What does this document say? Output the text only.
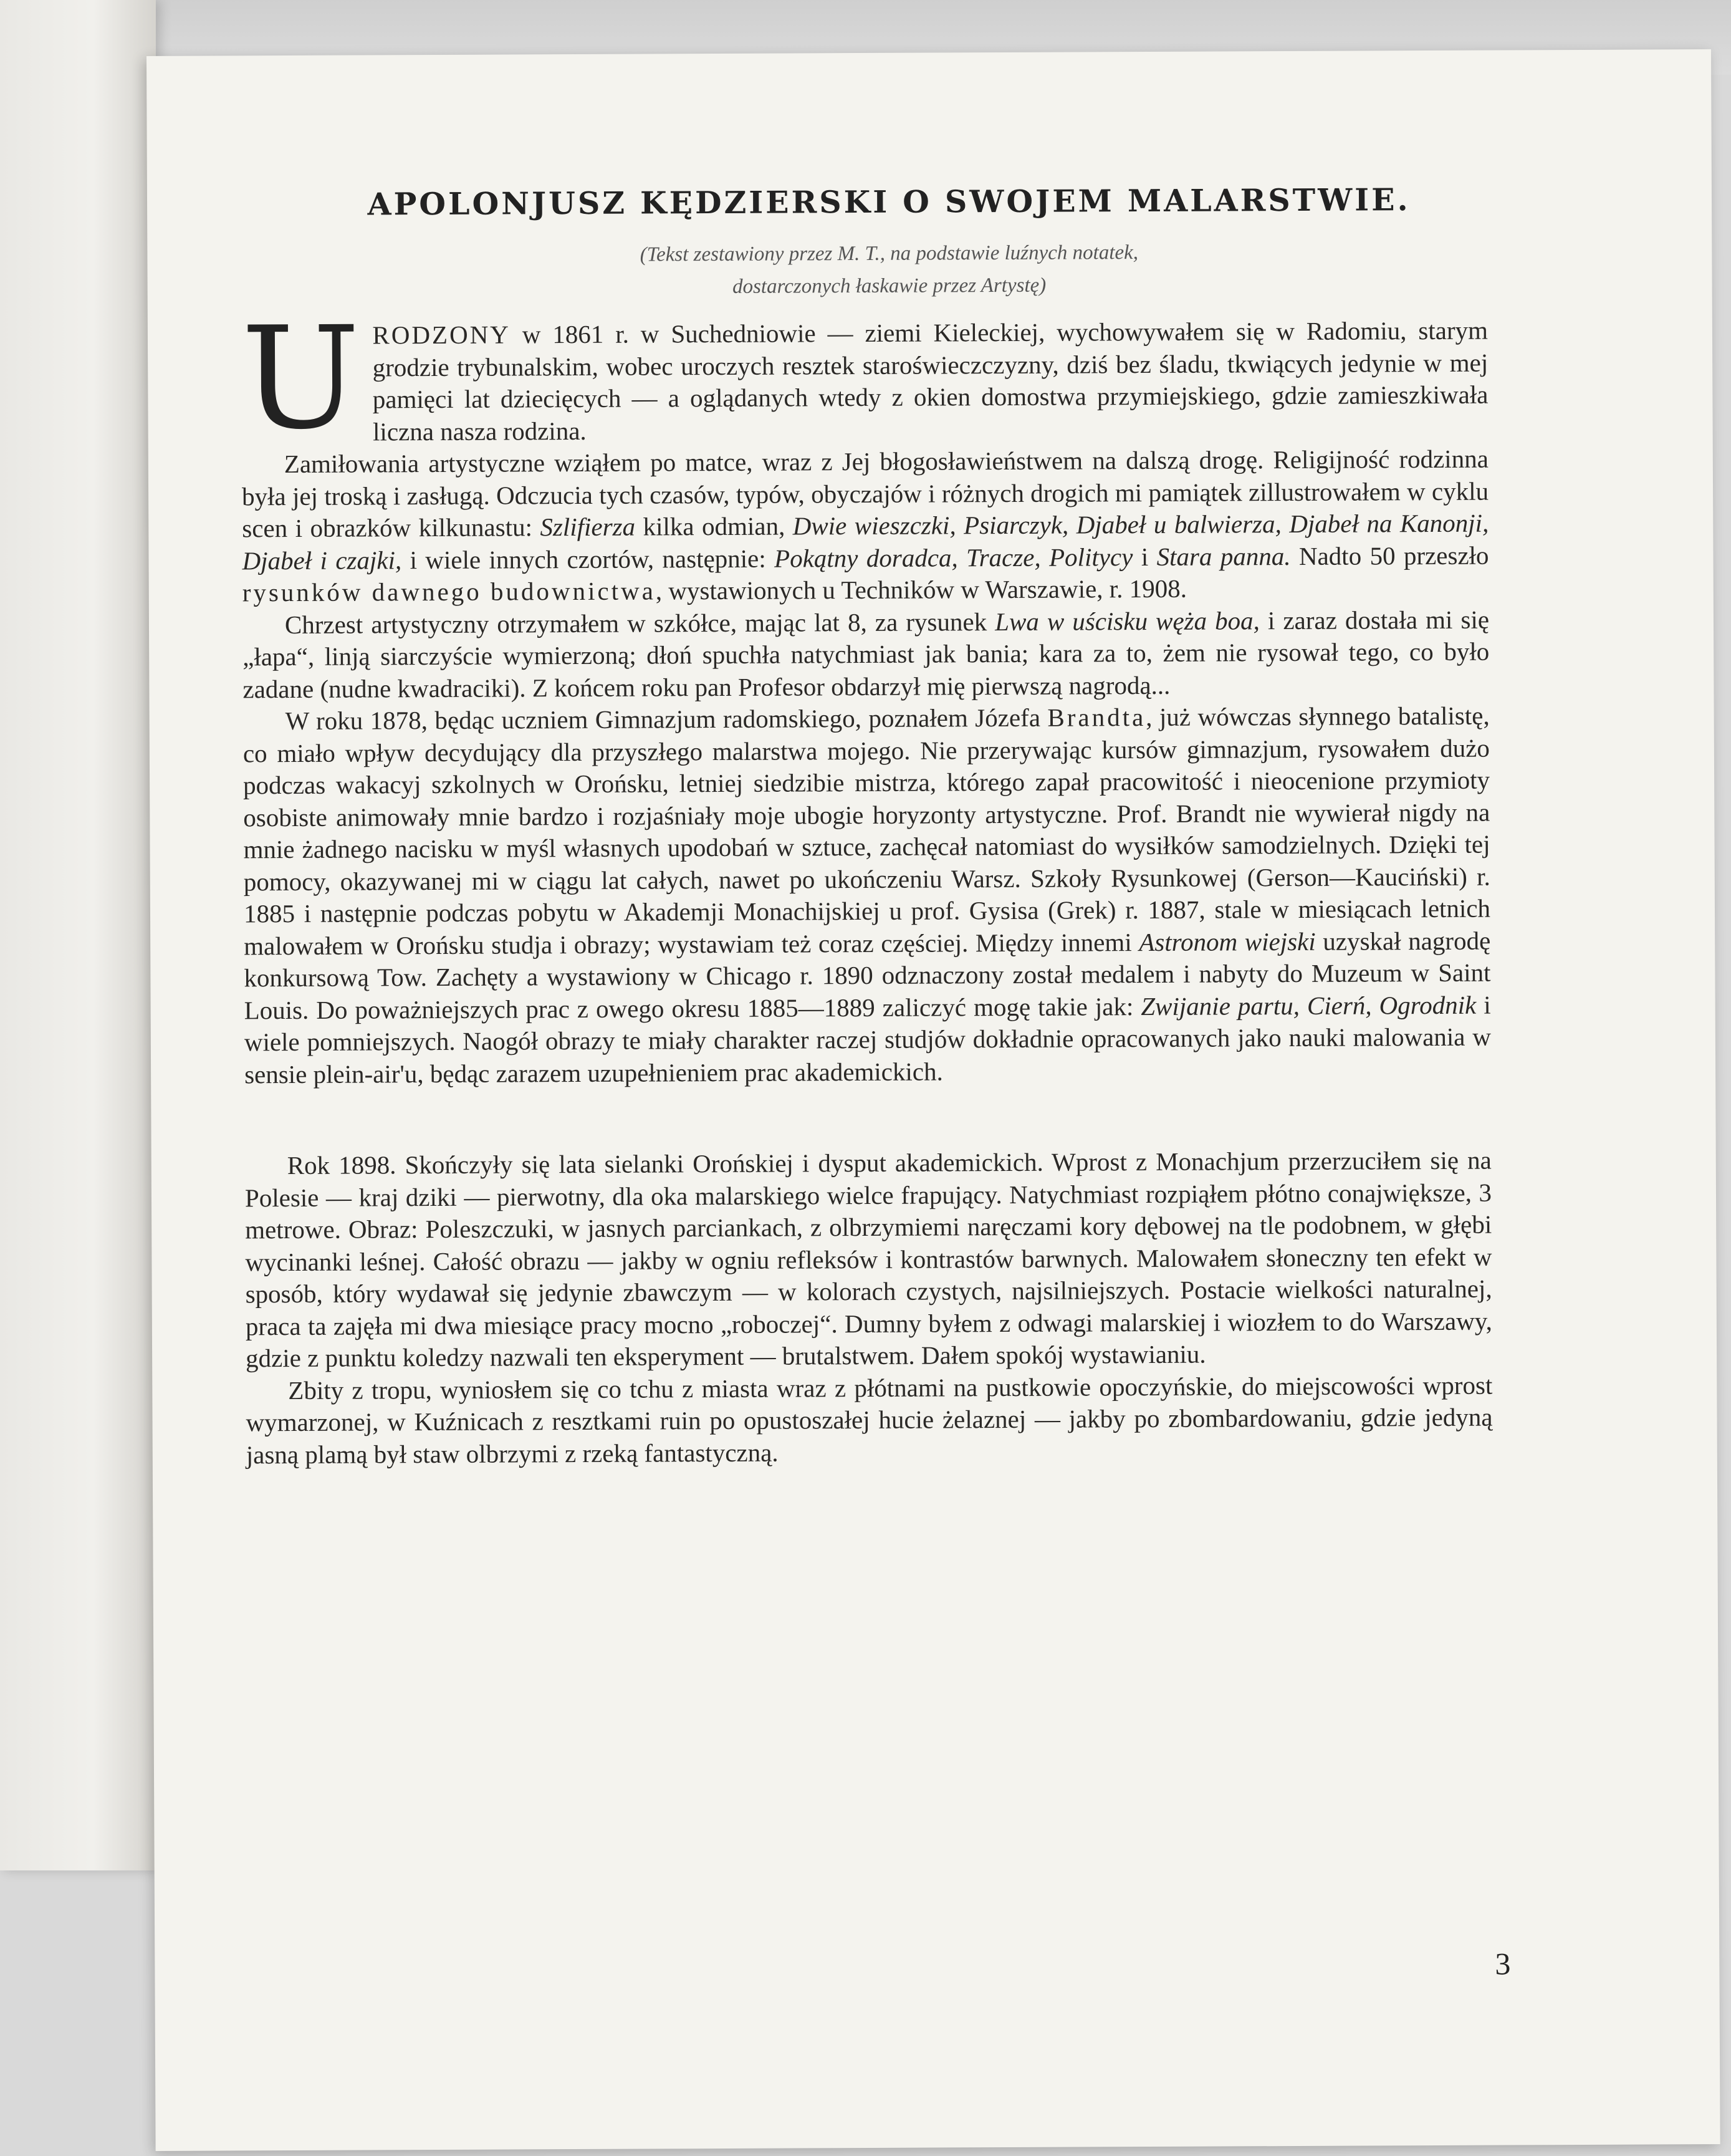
APOLONJUSZ KĘDZIERSKI O SWOJEM MALARSTWIE.
(Tekst zestawiony przez M. T., na podstawie luźnych notatek,
dostarczonych łaskawie przez Artystę)

URODZONY w 1861 r. w Suchedniowie — ziemi Kieleckiej, wychowywałem się w Radomiu, starym grodzie trybunalskim, wobec uroczych resztek staroświeczczyzny, dziś bez śladu, tkwiących jedynie w mej pamięci lat dziecięcych — a oglądanych wtedy z okien domostwa przymiejskiego, gdzie zamieszkiwała liczna nasza rodzina.

Zamiłowania artystyczne wziąłem po matce, wraz z Jej błogosławieństwem na dalszą drogę. Religijność rodzinna była jej troską i zasługą. Odczucia tych czasów, typów, obyczajów i różnych drogich mi pamiątek zillustrowałem w cyklu scen i obrazków kilkunastu: Szlifierza kilka odmian, Dwie wieszczki, Psiarczyk, Djabeł u balwierza, Djabeł na Kanonji, Djabeł i czajki, i wiele innych czortów, następnie: Pokątny doradca, Tracze, Politycy i Stara panna. Nadto 50 przeszło rysunków dawnego budownictwa, wystawionych u Techników w Warszawie, r. 1908.

Chrzest artystyczny otrzymałem w szkółce, mając lat 8, za rysunek Lwa w uścisku węża boa, i zaraz dostała mi się „łapa“, linją siarczyście wymierzoną; dłoń spuchła natychmiast jak bania; kara za to, żem nie rysował tego, co było zadane (nudne kwadraciki). Z końcem roku pan Profesor obdarzył mię pierwszą nagrodą...

W roku 1878, będąc uczniem Gimnazjum radomskiego, poznałem Józefa Brandta, już wówczas słynnego batalistę, co miało wpływ decydujący dla przyszłego malarstwa mojego. Nie przerywając kursów gimnazjum, rysowałem dużo podczas wakacyj szkolnych w Orońsku, letniej siedzibie mistrza, którego zapał pracowitość i nieocenione przymioty osobiste animowały mnie bardzo i rozjaśniały moje ubogie horyzonty artystyczne. Prof. Brandt nie wywierał nigdy na mnie żadnego nacisku w myśl własnych upodobań w sztuce, zachęcał natomiast do wysiłków samodzielnych. Dzięki tej pomocy, okazywanej mi w ciągu lat całych, nawet po ukończeniu Warsz. Szkoły Rysunkowej (Gerson—Kauciński) r. 1885 i następnie podczas pobytu w Akademji Monachijskiej u prof. Gysisa (Grek) r. 1887, stale w miesiącach letnich malowałem w Orońsku studja i obrazy; wystawiam też coraz częściej. Między innemi Astronom wiejski uzyskał nagrodę konkursową Tow. Zachęty a wystawiony w Chicago r. 1890 odznaczony został medalem i nabyty do Muzeum w Saint Louis. Do poważniejszych prac z owego okresu 1885—1889 zaliczyć mogę takie jak: Zwijanie partu, Cierń, Ogrodnik i wiele pomniejszych. Naogół obrazy te miały charakter raczej studjów dokładnie opracowanych jako nauki malowania w sensie plein-air'u, będąc zarazem uzupełnieniem prac akademickich.

Rok 1898. Skończyły się lata sielanki Orońskiej i dysput akademickich. Wprost z Monachjum przerzuciłem się na Polesie — kraj dziki — pierwotny, dla oka malarskiego wielce frapujący. Natychmiast rozpiąłem płótno conajwiększe, 3 metrowe. Obraz: Poleszczuki, w jasnych parciankach, z olbrzymiemi naręczami kory dębowej na tle podobnem, w głębi wycinanki leśnej. Całość obrazu — jakby w ogniu refleksów i kontrastów barwnych. Malowałem słoneczny ten efekt w sposób, który wydawał się jedynie zbawczym — w kolorach czystych, najsilniejszych. Postacie wielkości naturalnej, praca ta zajęła mi dwa miesiące pracy mocno „roboczej“. Dumny byłem z odwagi malarskiej i wiozłem to do Warszawy, gdzie z punktu koledzy nazwali ten eksperyment — brutalstwem. Dałem spokój wystawianiu.

Zbity z tropu, wyniosłem się co tchu z miasta wraz z płótnami na pustkowie opoczyńskie, do miejscowości wprost wymarzonej, w Kuźnicach z resztkami ruin po opustoszałej hucie żelaznej — jakby po zbombardowaniu, gdzie jedyną jasną plamą był staw olbrzymi z rzeką fantastyczną.

3
